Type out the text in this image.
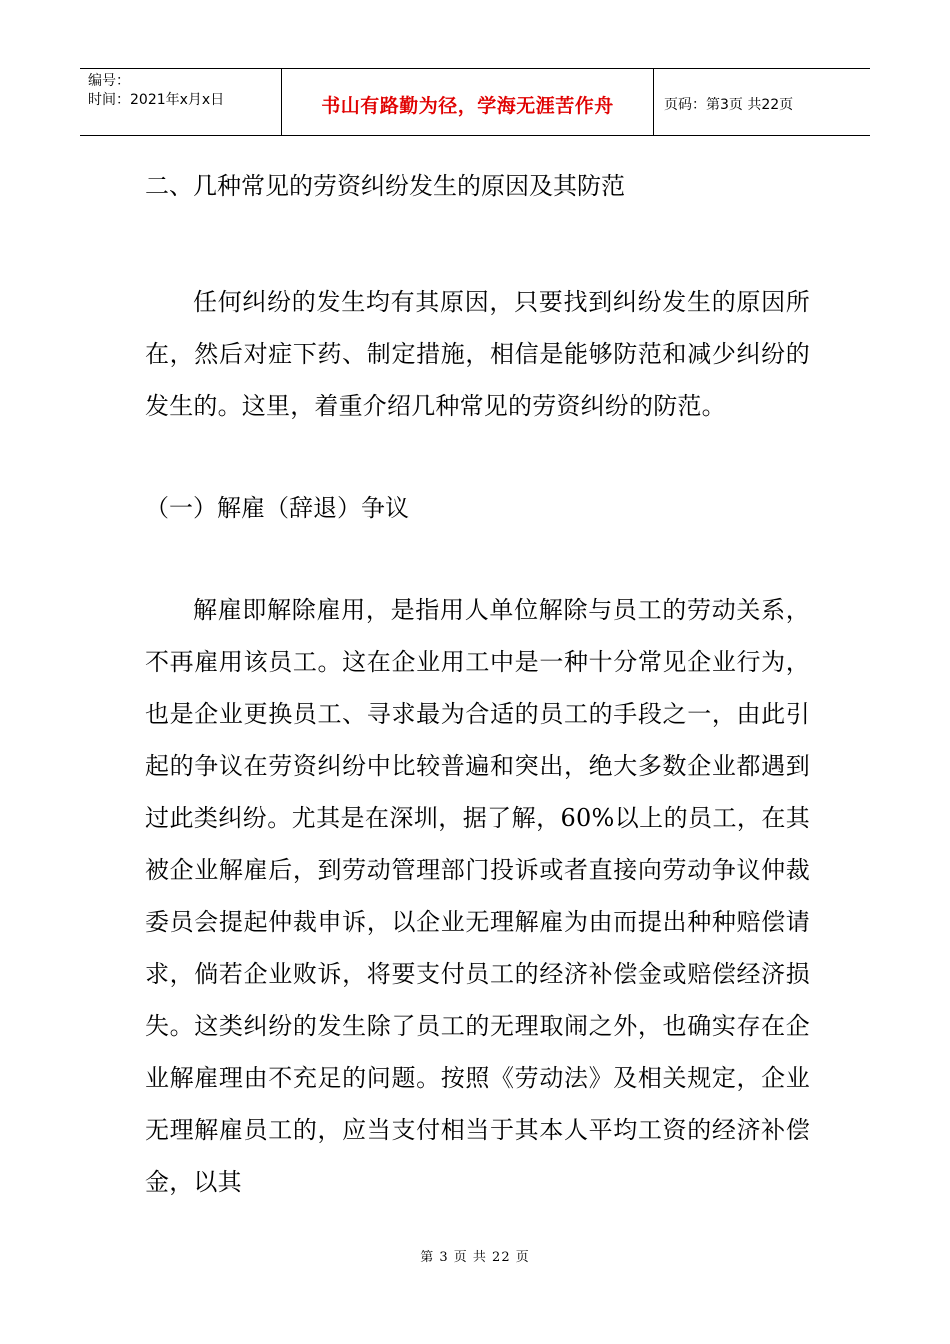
编号：
时间：2021年x月x日	书山有路勤为径，学海无涯苦作舟	页码：第3页 共22页
二、几种常见的劳资纠纷发生的原因及其防范

任何纠纷的发生均有其原因，只要找到纠纷发生的原因所在，然后对症下药、制定措施，相信是能够防范和减少纠纷的发生的。这里，着重介绍几种常见的劳资纠纷的防范。

（一）解雇（辞退）争议

解雇即解除雇用，是指用人单位解除与员工的劳动关系，不再雇用该员工。这在企业用工中是一种十分常见企业行为，也是企业更换员工、寻求最为合适的员工的手段之一，由此引起的争议在劳资纠纷中比较普遍和突出，绝大多数企业都遇到过此类纠纷。尤其是在深圳，据了解，60%以上的员工，在其被企业解雇后，到劳动管理部门投诉或者直接向劳动争议仲裁委员会提起仲裁申诉，以企业无理解雇为由而提出种种赔偿请求，倘若企业败诉，将要支付员工的经济补偿金或赔偿经济损失。这类纠纷的发生除了员工的无理取闹之外，也确实存在企业解雇理由不充足的问题。按照《劳动法》及相关规定，企业无理解雇员工的，应当支付相当于其本人平均工资的经济补偿金，以其

第 3 页 共 22 页
